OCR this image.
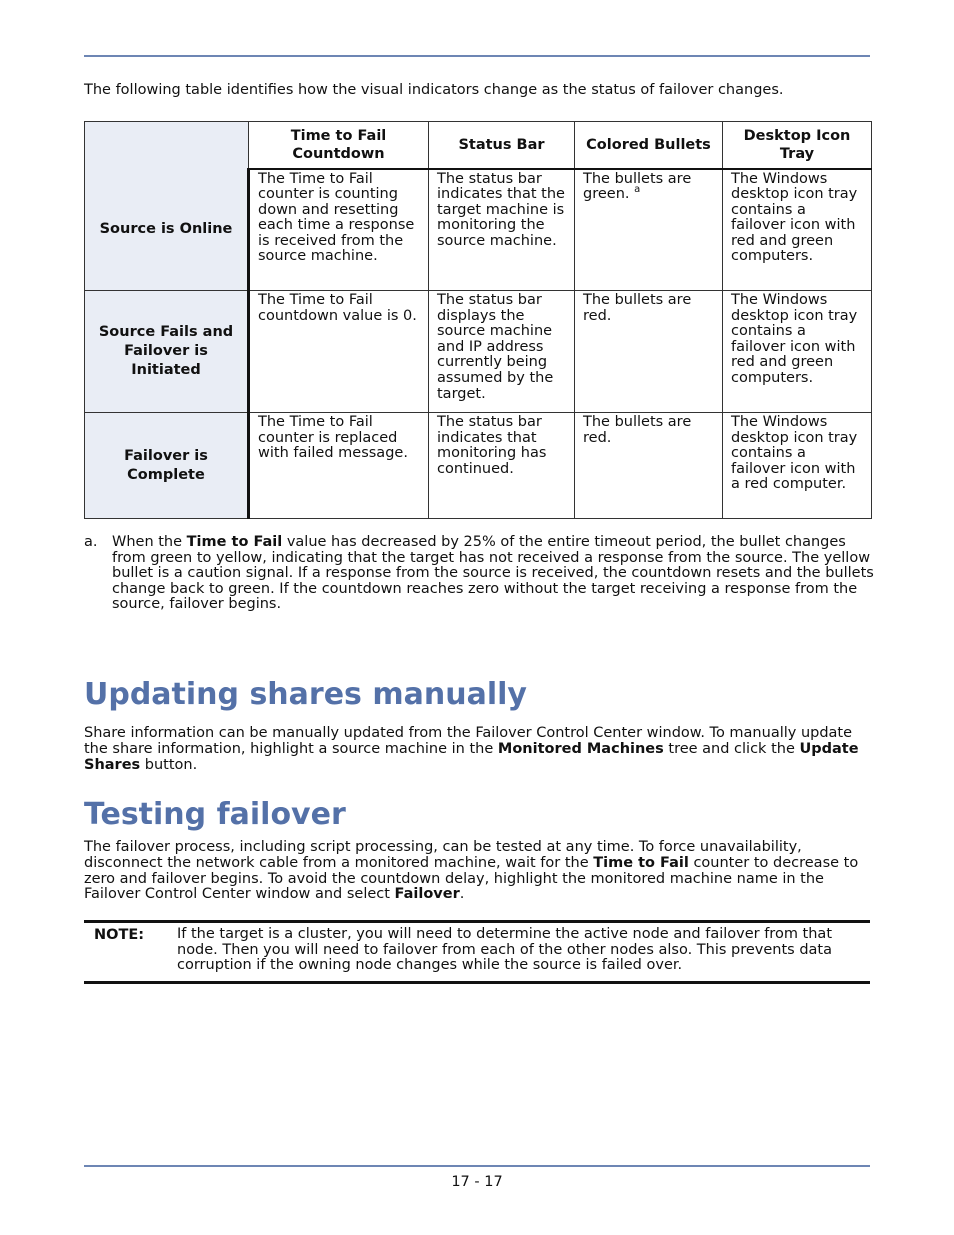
The following table identifies how the visual indicators change as the status of failover changes.
	Time to Fail Countdown	Status Bar	Colored Bullets	Desktop Icon Tray
Source is Online	The Time to Fail counter is counting down and resetting each time a response is received from the source machine.	The status bar indicates that the target machine is monitoring the source machine.	The bullets are green. $^a$	The Windows desktop icon tray contains a failover icon with red and green computers.
Source Fails and Failover is Initiated	The Time to Fail countdown value is 0.	The status bar displays the source machine and IP address currently being assumed by the target.	The bullets are red.	The Windows desktop icon tray contains a failover icon with red and green computers.
Failover is Complete	The Time to Fail counter is replaced with failed message.	The status bar indicates that monitoring has continued.	The bullets are red.	The Windows desktop icon tray contains a failover icon with a red computer.
a. When the Time to Fail value has decreased by 25% of the entire timeout period, the bullet changes from green to yellow, indicating that the target has not received a response from the source. The yellow bullet is a caution signal. If a response from the source is received, the countdown resets and the bullets change back to green. If the countdown reaches zero without the target receiving a response from the source, failover begins.
Updating shares manually
Share information can be manually updated from the Failover Control Center window. To manually update the share information, highlight a source machine in the Monitored Machines tree and click the Update Shares button.
Testing failover
The failover process, including script processing, can be tested at any time. To force unavailability, disconnect the network cable from a monitored machine, wait for the Time to Fail counter to decrease to zero and failover begins. To avoid the countdown delay, highlight the monitored machine name in the Failover Control Center window and select Failover.
NOTE: If the target is a cluster, you will need to determine the active node and failover from that node. Then you will need to failover from each of the other nodes also. This prevents data corruption if the owning node changes while the source is failed over.
17 - 17
